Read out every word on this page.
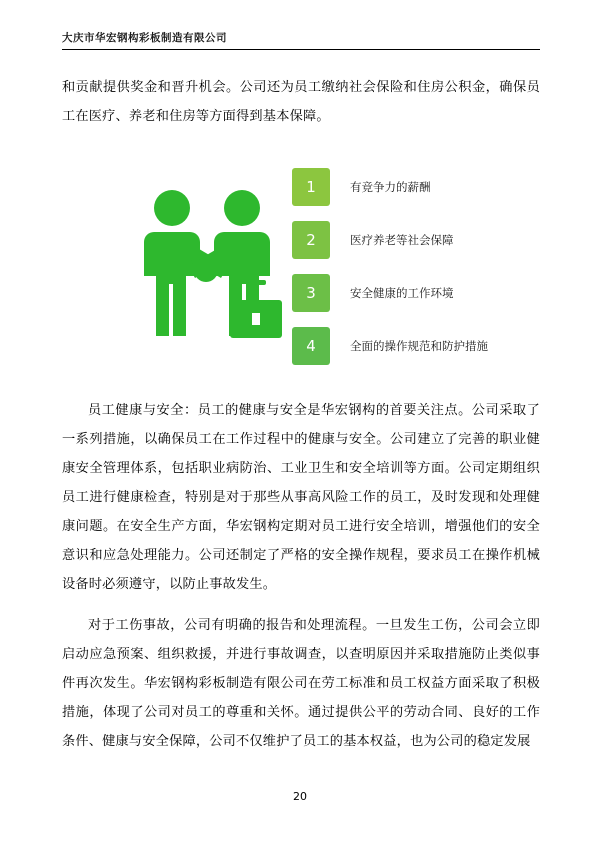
大庆市华宏钢构彩板制造有限公司

和贡献提供奖金和晋升机会。公司还为员工缴纳社会保险和住房公积金，确保员工在医疗、养老和住房等方面得到基本保障。

1	有竞争力的薪酬
2	医疗养老等社会保障
3	安全健康的工作环境
4	全面的操作规范和防护措施

员工健康与安全：员工的健康与安全是华宏钢构的首要关注点。公司采取了一系列措施，以确保员工在工作过程中的健康与安全。公司建立了完善的职业健康安全管理体系，包括职业病防治、工业卫生和安全培训等方面。公司定期组织员工进行健康检查，特别是对于那些从事高风险工作的员工，及时发现和处理健康问题。在安全生产方面，华宏钢构定期对员工进行安全培训，增强他们的安全意识和应急处理能力。公司还制定了严格的安全操作规程，要求员工在操作机械设备时必须遵守，以防止事故发生。

对于工伤事故，公司有明确的报告和处理流程。一旦发生工伤，公司会立即启动应急预案、组织救援，并进行事故调查，以查明原因并采取措施防止类似事件再次发生。华宏钢构彩板制造有限公司在劳工标准和员工权益方面采取了积极措施，体现了公司对员工的尊重和关怀。通过提供公平的劳动合同、良好的工作条件、健康与安全保障，公司不仅维护了员工的基本权益，也为公司的稳定发展

20
